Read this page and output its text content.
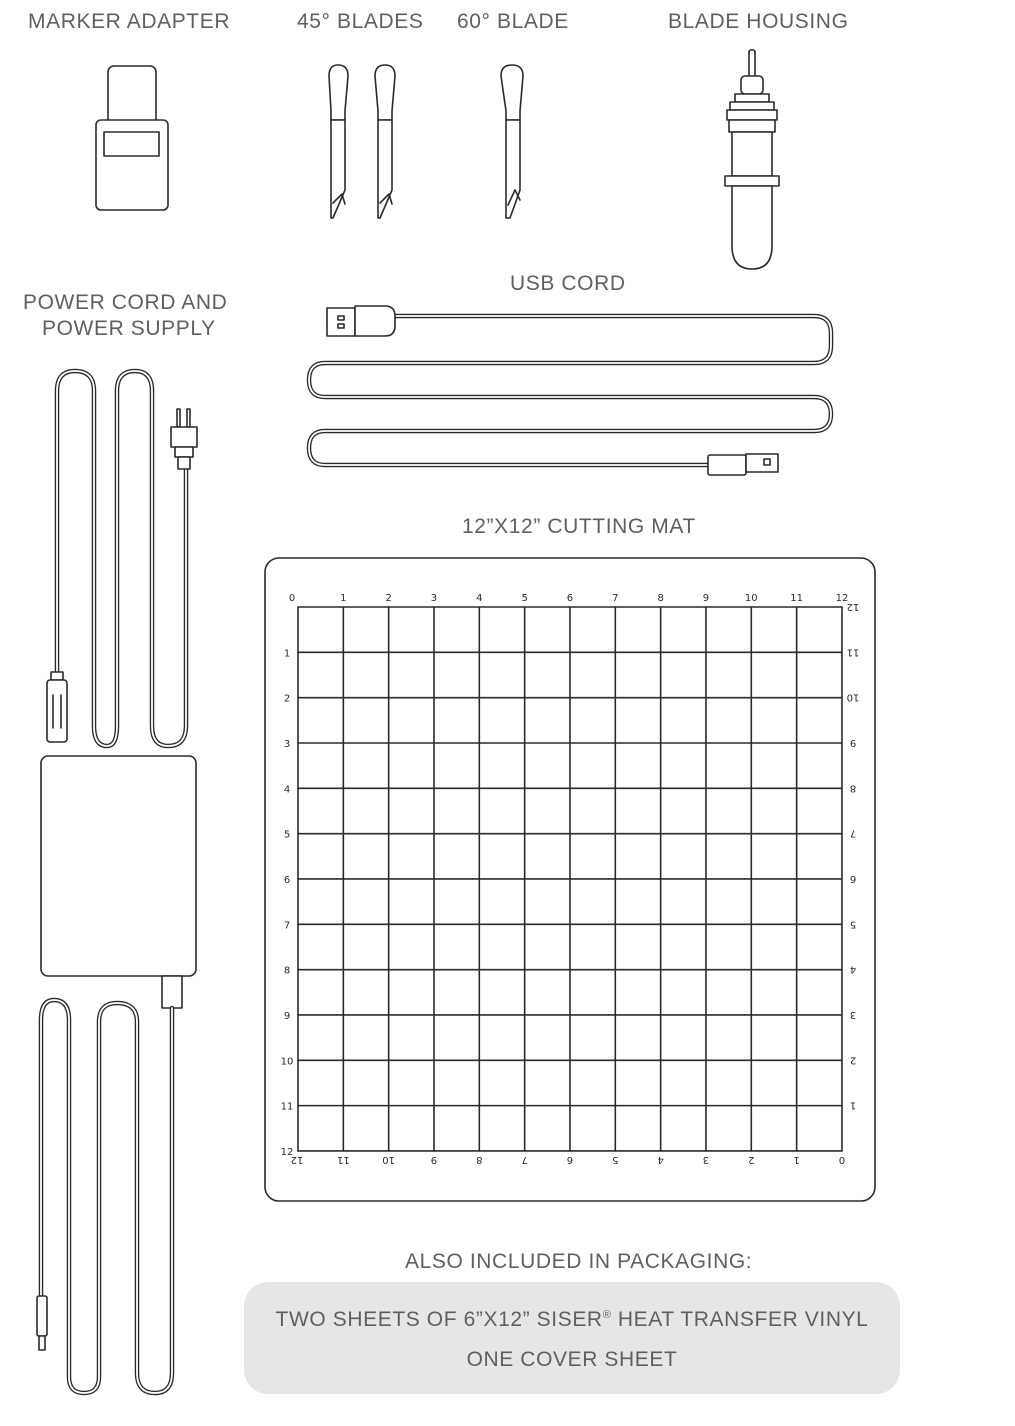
MARKER ADAPTER	45° BLADES 60° BLADE	BLADE HOUSING
POWER CORD AND
POWER SUPPLY
USB CORD
12”X12” CUTTING MAT
ALSO INCLUDED IN PACKAGING:
0	1	2	3	4	5	6	7	8	9	10	11	12
1
2
3
4
5
6
7
8
9
10
11
12
12
11
10
9
8
7
6
5
4
3
2
1
12	11	10	9	8	7	6	5	4	3	2	1	0
TWO SHEETS OF 6”X12” SISER® HEAT TRANSFER VINYL
ONE COVER SHEET
